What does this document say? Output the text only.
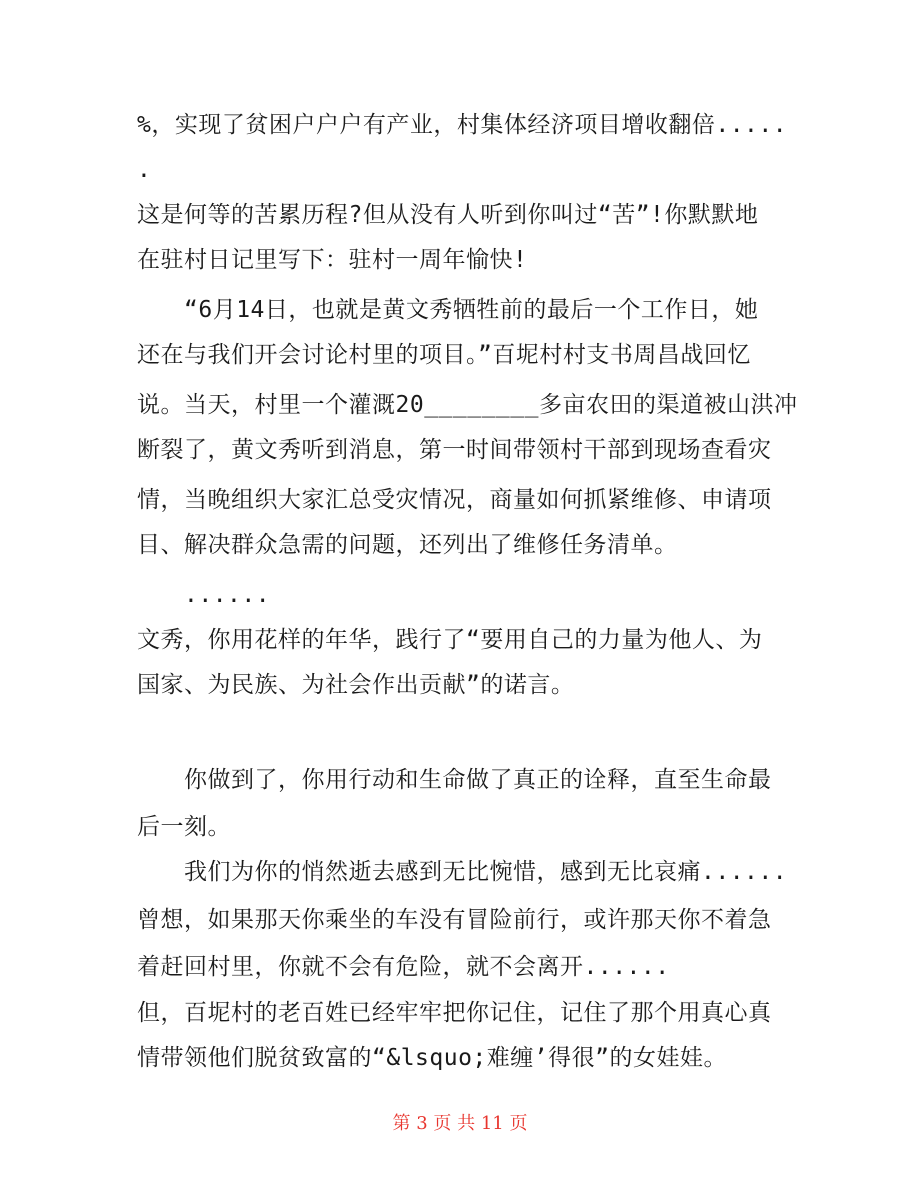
%，实现了贫困户户户有产业，村集体经济项目增收翻倍.....
.
这是何等的苦累历程?但从没有人听到你叫过“苦”!你默默地
在驻村日记里写下：驻村一周年愉快!
　　“6月14日，也就是黄文秀牺牲前的最后一个工作日，她
还在与我们开会讨论村里的项目。”百坭村村支书周昌战回忆
说。当天，村里一个灌溉20________多亩农田的渠道被山洪冲
断裂了，黄文秀听到消息，第一时间带领村干部到现场查看灾
情，当晚组织大家汇总受灾情况，商量如何抓紧维修、申请项
目、解决群众急需的问题，还列出了维修任务清单。
　　......
文秀，你用花样的年华，践行了“要用自己的力量为他人、为
国家、为民族、为社会作出贡献”的诺言。
　　你做到了，你用行动和生命做了真正的诠释，直至生命最
后一刻。
　　我们为你的悄然逝去感到无比惋惜，感到无比哀痛......
曾想，如果那天你乘坐的车没有冒险前行，或许那天你不着急
着赶回村里，你就不会有危险，就不会离开......
但，百坭村的老百姓已经牢牢把你记住，记住了那个用真心真
情带领他们脱贫致富的“&lsquo;难缠’得很”的女娃娃。
第 3 页 共 11 页
